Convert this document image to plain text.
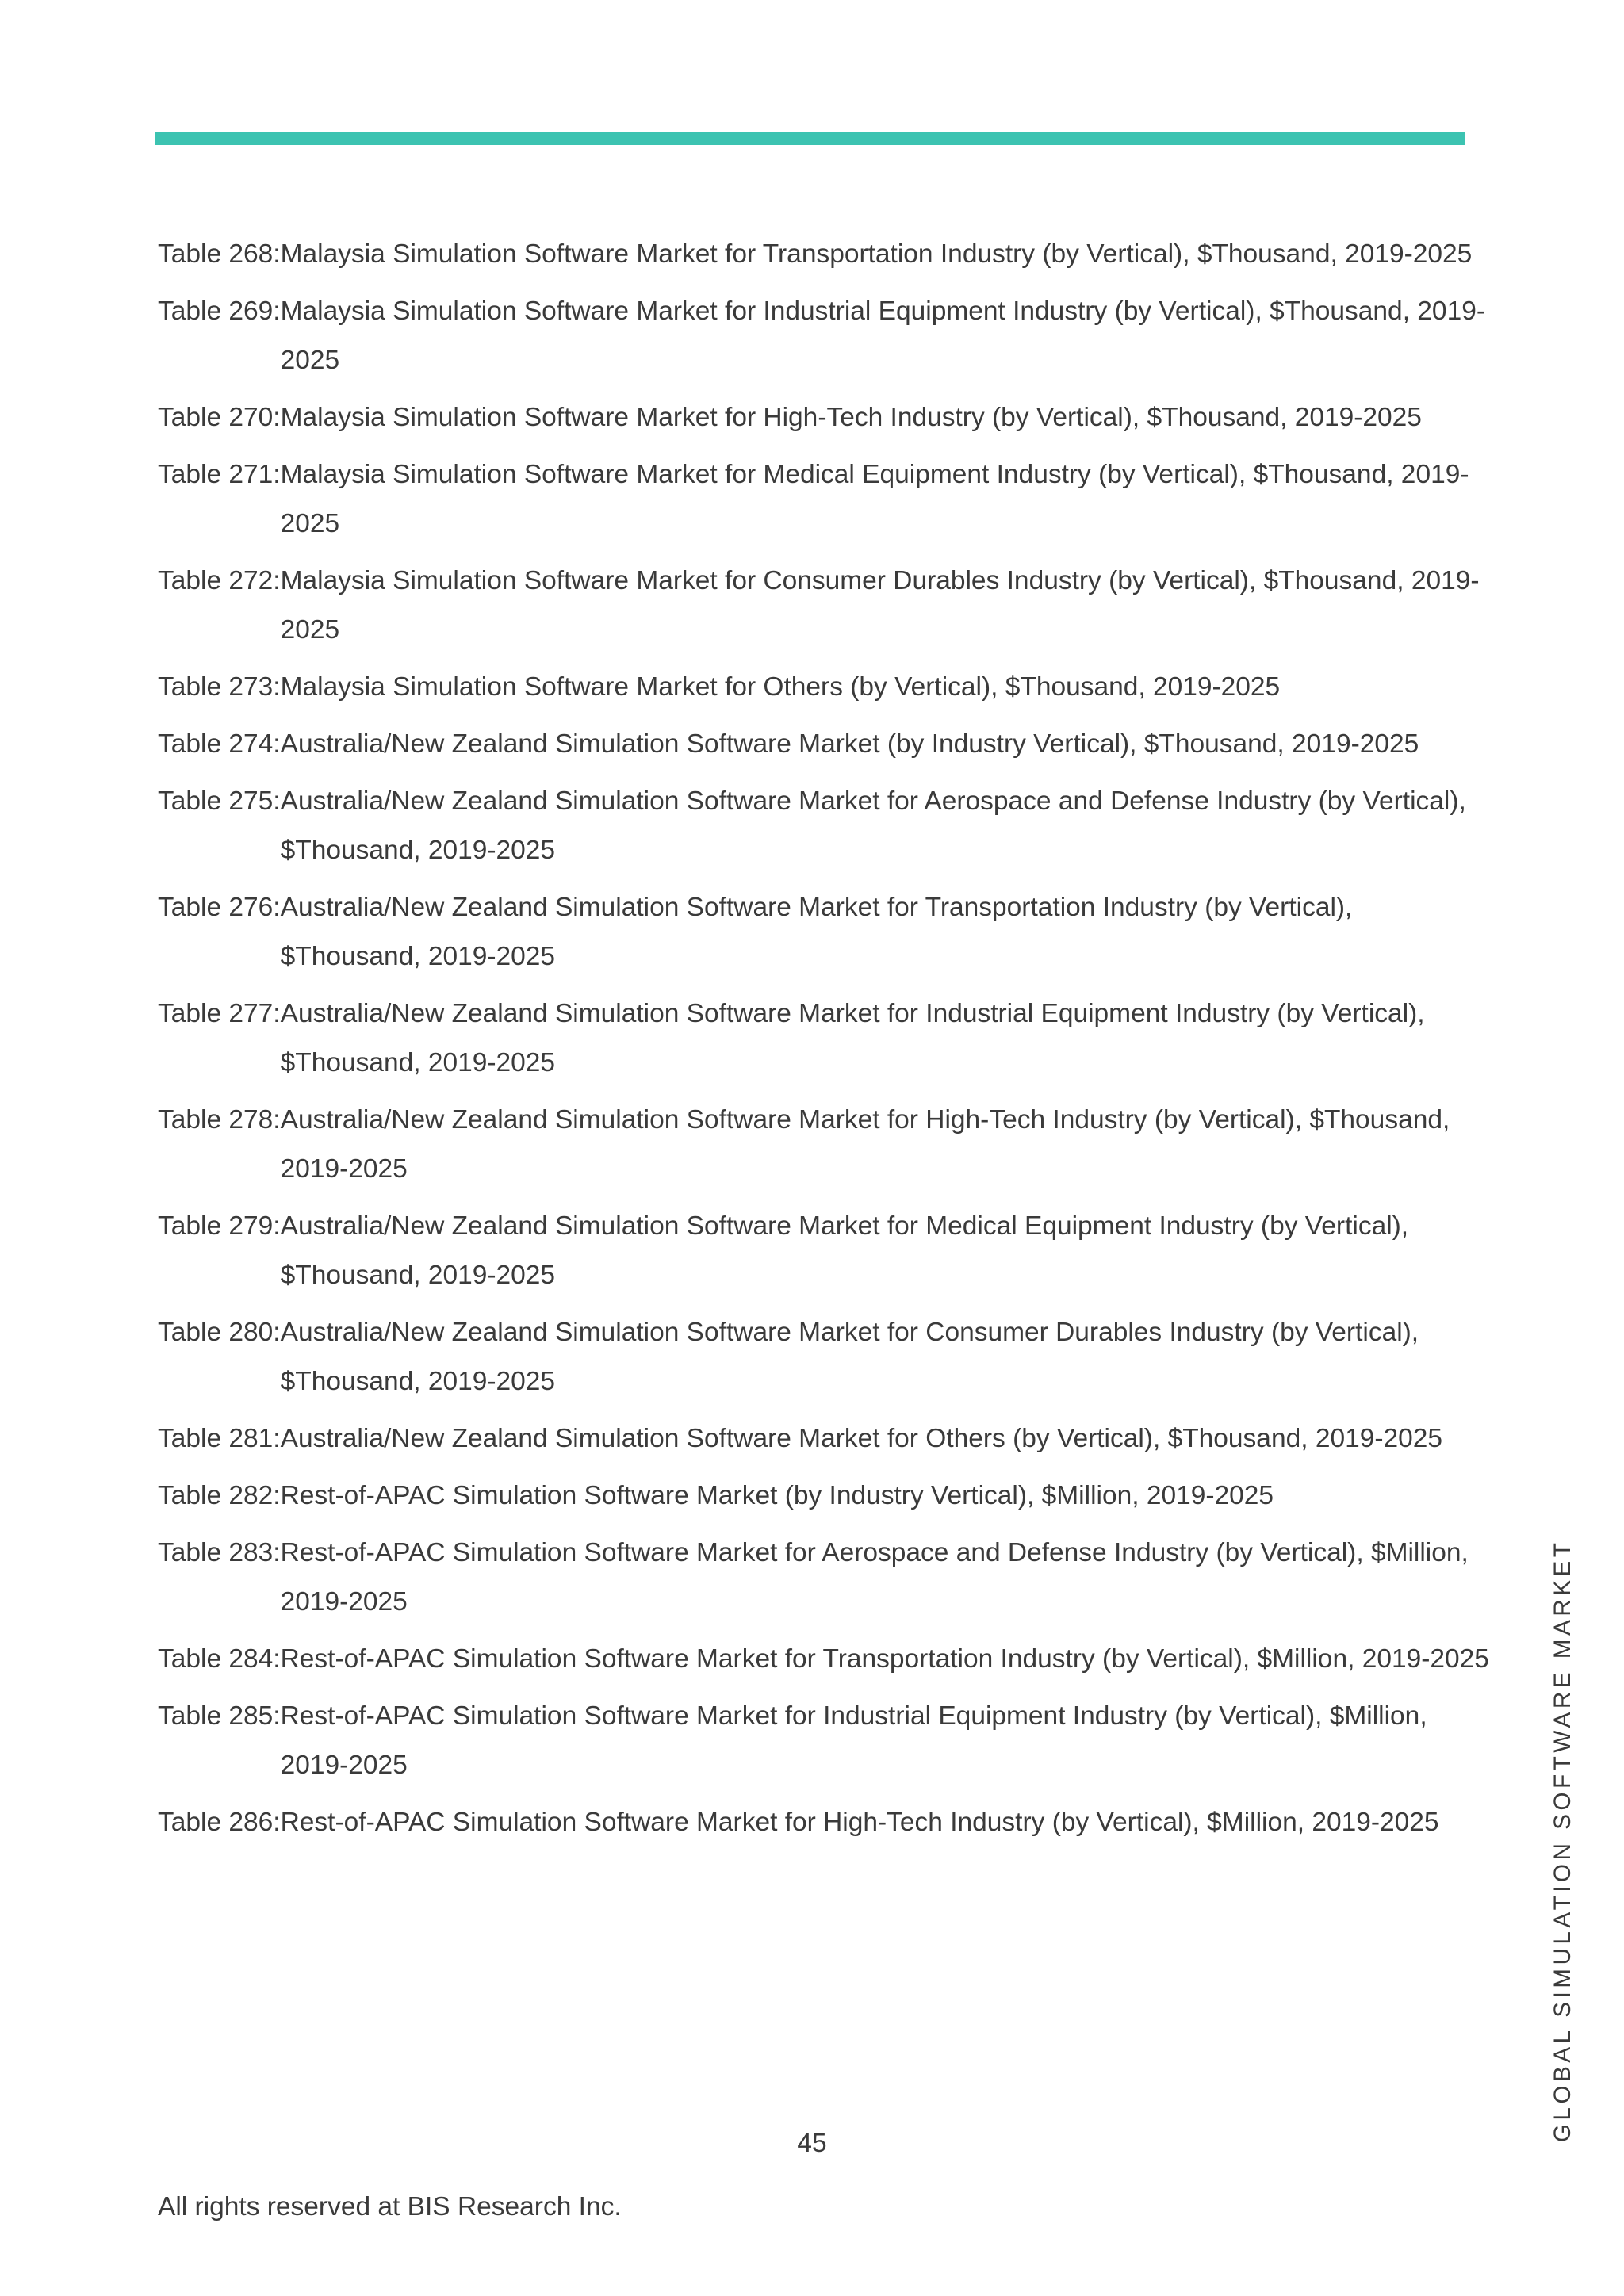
Table 268: Malaysia Simulation Software Market for Transportation Industry (by Vertical), $Thousand, 2019-2025
Table 269: Malaysia Simulation Software Market for Industrial Equipment Industry (by Vertical), $Thousand, 2019-2025
Table 270: Malaysia Simulation Software Market for High-Tech Industry (by Vertical), $Thousand, 2019-2025
Table 271: Malaysia Simulation Software Market for Medical Equipment Industry (by Vertical), $Thousand, 2019-2025
Table 272: Malaysia Simulation Software Market for Consumer Durables Industry (by Vertical), $Thousand, 2019-2025
Table 273: Malaysia Simulation Software Market for Others (by Vertical), $Thousand, 2019-2025
Table 274: Australia/New Zealand Simulation Software Market (by Industry Vertical), $Thousand, 2019-2025
Table 275: Australia/New Zealand Simulation Software Market for Aerospace and Defense Industry (by Vertical), $Thousand, 2019-2025
Table 276: Australia/New Zealand Simulation Software Market for Transportation Industry (by Vertical), $Thousand, 2019-2025
Table 277: Australia/New Zealand Simulation Software Market for Industrial Equipment Industry (by Vertical), $Thousand, 2019-2025
Table 278: Australia/New Zealand Simulation Software Market for High-Tech Industry (by Vertical), $Thousand, 2019-2025
Table 279: Australia/New Zealand Simulation Software Market for Medical Equipment Industry (by Vertical), $Thousand, 2019-2025
Table 280: Australia/New Zealand Simulation Software Market for Consumer Durables Industry (by Vertical), $Thousand, 2019-2025
Table 281: Australia/New Zealand Simulation Software Market for Others (by Vertical), $Thousand, 2019-2025
Table 282: Rest-of-APAC Simulation Software Market (by Industry Vertical), $Million, 2019-2025
Table 283: Rest-of-APAC Simulation Software Market for Aerospace and Defense Industry (by Vertical), $Million, 2019-2025
Table 284: Rest-of-APAC Simulation Software Market for Transportation Industry (by Vertical), $Million, 2019-2025
Table 285: Rest-of-APAC Simulation Software Market for Industrial Equipment Industry (by Vertical), $Million, 2019-2025
Table 286: Rest-of-APAC Simulation Software Market for High-Tech Industry (by Vertical), $Million, 2019-2025	GLOBAL SIMULATION SOFTWARE MARKET
45
All rights reserved at BIS Research Inc.
